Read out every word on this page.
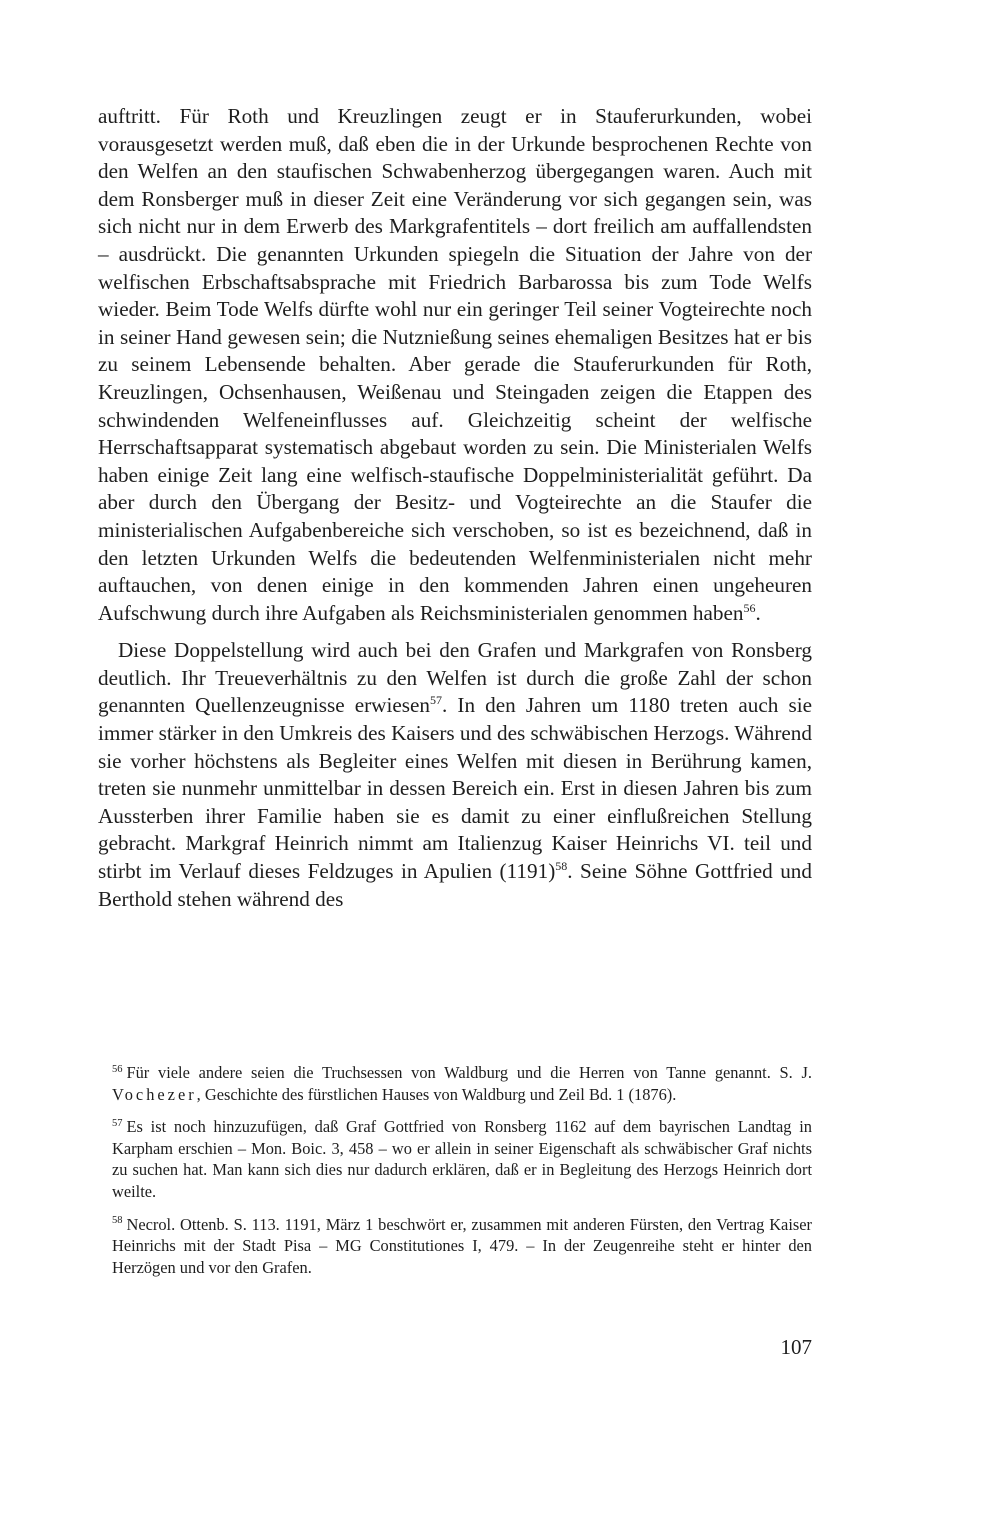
auftritt. Für Roth und Kreuzlingen zeugt er in Stauferurkunden, wobei vorausgesetzt werden muß, daß eben die in der Urkunde besprochenen Rechte von den Welfen an den staufischen Schwabenherzog übergegangen waren. Auch mit dem Ronsberger muß in dieser Zeit eine Veränderung vor sich gegangen sein, was sich nicht nur in dem Erwerb des Markgrafentitels – dort freilich am auffallendsten – ausdrückt. Die genannten Urkunden spiegeln die Situation der Jahre von der welfischen Erbschaftsabsprache mit Friedrich Barbarossa bis zum Tode Welfs wieder. Beim Tode Welfs dürfte wohl nur ein geringer Teil seiner Vogteirechte noch in seiner Hand gewesen sein; die Nutznießung seines ehemaligen Besitzes hat er bis zu seinem Lebensende behalten. Aber gerade die Stauferurkunden für Roth, Kreuzlingen, Ochsenhausen, Weißenau und Steingaden zeigen die Etappen des schwindenden Welfeneinflusses auf. Gleichzeitig scheint der welfische Herrschaftsapparat systematisch abgebaut worden zu sein. Die Ministerialen Welfs haben einige Zeit lang eine welfisch-staufische Doppelministerialität geführt. Da aber durch den Übergang der Besitz- und Vogteirechte an die Staufer die ministerialischen Aufgabenbereiche sich verschoben, so ist es bezeichnend, daß in den letzten Urkunden Welfs die bedeutenden Welfenministerialen nicht mehr auftauchen, von denen einige in den kommenden Jahren einen ungeheuren Aufschwung durch ihre Aufgaben als Reichsministerialen genommen haben$^{56}$.

Diese Doppelstellung wird auch bei den Grafen und Markgrafen von Ronsberg deutlich. Ihr Treueverhältnis zu den Welfen ist durch die große Zahl der schon genannten Quellenzeugnisse erwiesen$^{57}$. In den Jahren um 1180 treten auch sie immer stärker in den Umkreis des Kaisers und des schwäbischen Herzogs. Während sie vorher höchstens als Begleiter eines Welfen mit diesen in Berührung kamen, treten sie nunmehr unmittelbar in dessen Bereich ein. Erst in diesen Jahren bis zum Aussterben ihrer Familie haben sie es damit zu einer einflußreichen Stellung gebracht. Markgraf Heinrich nimmt am Italienzug Kaiser Heinrichs VI. teil und stirbt im Verlauf dieses Feldzuges in Apulien (1191)$^{58}$. Seine Söhne Gottfried und Berthold stehen während des

$^{56}$ Für viele andere seien die Truchsessen von Waldburg und die Herren von Tanne genannt. S. J. Vochezer, Geschichte des fürstlichen Hauses von Waldburg und Zeil Bd. 1 (1876).

$^{57}$ Es ist noch hinzuzufügen, daß Graf Gottfried von Ronsberg 1162 auf dem bayrischen Landtag in Karpham erschien – Mon. Boic. 3, 458 – wo er allein in seiner Eigenschaft als schwäbischer Graf nichts zu suchen hat. Man kann sich dies nur dadurch erklären, daß er in Begleitung des Herzogs Heinrich dort weilte.

$^{58}$ Necrol. Ottenb. S. 113. 1191, März 1 beschwört er, zusammen mit anderen Fürsten, den Vertrag Kaiser Heinrichs mit der Stadt Pisa – MG Constitutiones I, 479. – In der Zeugenreihe steht er hinter den Herzögen und vor den Grafen.

107
